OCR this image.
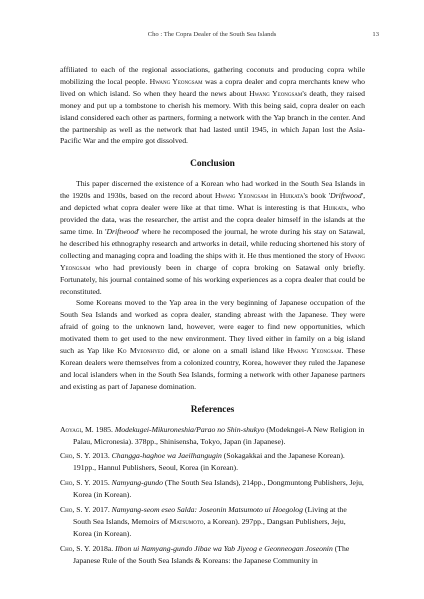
Cho : The Copra Dealer of the South Sea Islands	13

affiliated to each of the regional associations, gathering coconuts and producing copra while mobilizing the local people. Hwang Yeongsam was a copra dealer and copra merchants knew who lived on which island. So when they heard the news about Hwang Yeongsam's death, they raised money and put up a tombstone to cherish his memory. With this being said, copra dealer on each island considered each other as partners, forming a network with the Yap branch in the center. And the partnership as well as the network that had lasted until 1945, in which Japan lost the Asia-Pacific War and the empire got dissolved.

Conclusion

This paper discerned the existence of a Korean who had worked in the South Sea Islands in the 1920s and 1930s, based on the record about Hwang Yeongsam in Hijikata's book 'Driftwood', and depicted what copra dealer were like at that time. What is interesting is that Hijikata, who provided the data, was the researcher, the artist and the copra dealer himself in the islands at the same time. In 'Driftwood' where he recomposed the journal, he wrote during his stay on Satawal, he described his ethnography research and artworks in detail, while reducing shortened his story of collecting and managing copra and loading the ships with it. He thus mentioned the story of Hwang Yeongsam who had previously been in charge of copra broking on Satawal only briefly. Fortunately, his journal contained some of his working experiences as a copra dealer that could be reconstituted.

Some Koreans moved to the Yap area in the very beginning of Japanese occupation of the South Sea Islands and worked as copra dealer, standing abreast with the Japanese. They were afraid of going to the unknown land, however, were eager to find new opportunities, which motivated them to get used to the new environment. They lived either in family on a big island such as Yap like Ko Myeonhyeo did, or alone on a small island like Hwang Yeongsam. These Korean dealers were themselves from a colonized country, Korea, however they ruled the Japanese and local islanders when in the South Sea Islands, forming a network with other Japanese partners and existing as part of Japanese domination.

References
Aoyagi, M. 1985. Modekugei-Mikuroneshia/Parao no Shin-shukyo (Modekngei-A New Religion in Palau, Micronesia). 378pp., Shinisensha, Tokyo, Japan (in Japanese).
Cho, S. Y. 2013. Changga-haghoe wa Jaeilhangugin (Sokagakkai and the Japanese Korean). 191pp., Hannul Publishers, Seoul, Korea (in Korean).
Cho, S. Y. 2015. Namyang-gundo (The South Sea Islands), 214pp., Dongmuntong Publishers, Jeju, Korea (in Korean).
Cho, S. Y. 2017. Namyang-seom eseo Salda: Joseonin Matsumoto ui Hoegolog (Living at the South Sea Islands, Memoirs of Matsumoto, a Korean). 297pp., Dangsan Publishers, Jeju, Korea (in Korean).
Cho, S. Y. 2018a. Ilbon ui Namyang-gundo Jibae wa Yab Jiyeog e Geonneogan Joseonin (The Japanese Rule of the South Sea Islands & Koreans: the Japanese Community in
